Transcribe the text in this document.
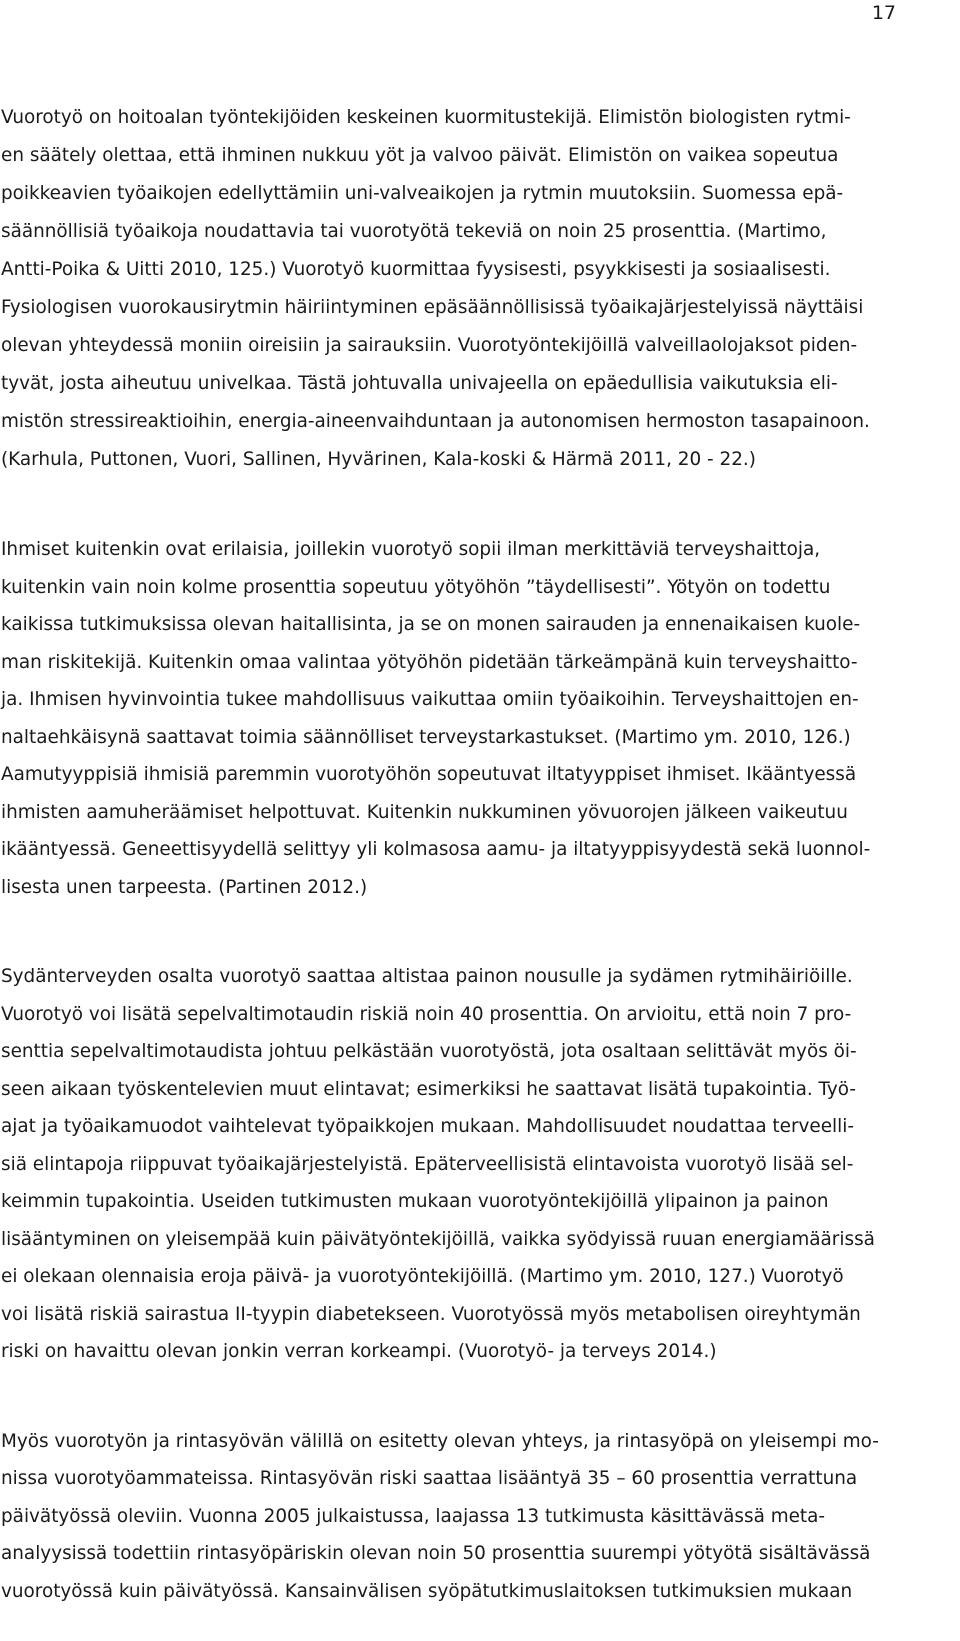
17
Vuorotyö on hoitoalan työntekijöiden keskeinen kuormitustekijä. Elimistön biologisten rytmi-
en säätely olettaa, että ihminen nukkuu yöt ja valvoo päivät. Elimistön on vaikea sopeutua
poikkeavien työaikojen edellyttämiin uni-valveaikojen ja rytmin muutoksiin. Suomessa epä-
säännöllisiä työaikoja noudattavia tai vuorotyötä tekeviä on noin 25 prosenttia. (Martimo,
Antti-Poika & Uitti 2010, 125.) Vuorotyö kuormittaa fyysisesti, psyykkisesti ja sosiaalisesti.
Fysiologisen vuorokausirytmin häiriintyminen epäsäännöllisissä työaikajärjestelyissä näyttäisi
olevan yhteydessä moniin oireisiin ja sairauksiin. Vuorotyöntekijöillä valveillaolojaksot piden-
tyvät, josta aiheutuu univelkaa. Tästä johtuvalla univajeella on epäedullisia vaikutuksia eli-
mistön stressireaktioihin, energia-aineenvaihduntaan ja autonomisen hermoston tasapainoon.
(Karhula, Puttonen, Vuori, Sallinen, Hyvärinen, Kala-koski & Härmä 2011, 20 - 22.)
Ihmiset kuitenkin ovat erilaisia, joillekin vuorotyö sopii ilman merkittäviä terveyshaittoja,
kuitenkin vain noin kolme prosenttia sopeutuu yötyöhön ”täydellisesti”. Yötyön on todettu
kaikissa tutkimuksissa olevan haitallisinta, ja se on monen sairauden ja ennenaikaisen kuole-
man riskitekijä. Kuitenkin omaa valintaa yötyöhön pidetään tärkeämpänä kuin terveyshaitto-
ja. Ihmisen hyvinvointia tukee mahdollisuus vaikuttaa omiin työaikoihin. Terveyshaittojen en-
naltaehkäisynä saattavat toimia säännölliset terveystarkastukset. (Martimo ym. 2010, 126.)
Aamutyyppisiä ihmisiä paremmin vuorotyöhön sopeutuvat iltatyyppiset ihmiset. Ikääntyessä
ihmisten aamuheräämiset helpottuvat. Kuitenkin nukkuminen yövuorojen jälkeen vaikeutuu
ikääntyessä. Geneettisyydellä selittyy yli kolmasosa aamu- ja iltatyyppisyydestä sekä luonnol-
lisesta unen tarpeesta. (Partinen 2012.)
Sydänterveyden osalta vuorotyö saattaa altistaa painon nousulle ja sydämen rytmihäiriöille.
Vuorotyö voi lisätä sepelvaltimotaudin riskiä noin 40 prosenttia. On arvioitu, että noin 7 pro-
senttia sepelvaltimotaudista johtuu pelkästään vuorotyöstä, jota osaltaan selittävät myös öi-
seen aikaan työskentelevien muut elintavat; esimerkiksi he saattavat lisätä tupakointia. Työ-
ajat ja työaikamuodot vaihtelevat työpaikkojen mukaan. Mahdollisuudet noudattaa terveelli-
siä elintapoja riippuvat työaikajärjestelyistä. Epäterveellisistä elintavoista vuorotyö lisää sel-
keimmin tupakointia. Useiden tutkimusten mukaan vuorotyöntekijöillä ylipainon ja painon
lisääntyminen on yleisempää kuin päivätyöntekijöillä, vaikka syödyissä ruuan energiamäärissä
ei olekaan olennaisia eroja päivä- ja vuorotyöntekijöillä. (Martimo ym. 2010, 127.) Vuorotyö
voi lisätä riskiä sairastua II-tyypin diabetekseen. Vuorotyössä myös metabolisen oireyhtymän
riski on havaittu olevan jonkin verran korkeampi. (Vuorotyö- ja terveys 2014.)
Myös vuorotyön ja rintasyövän välillä on esitetty olevan yhteys, ja rintasyöpä on yleisempi mo-
nissa vuorotyöammateissa. Rintasyövän riski saattaa lisääntyä 35 – 60 prosenttia verrattuna
päivätyössä oleviin. Vuonna 2005 julkaistussa, laajassa 13 tutkimusta käsittävässä meta-
analyysissä todettiin rintasyöpäriskin olevan noin 50 prosenttia suurempi yötyötä sisältävässä
vuorotyössä kuin päivätyössä. Kansainvälisen syöpätutkimuslaitoksen tutkimuksien mukaan
